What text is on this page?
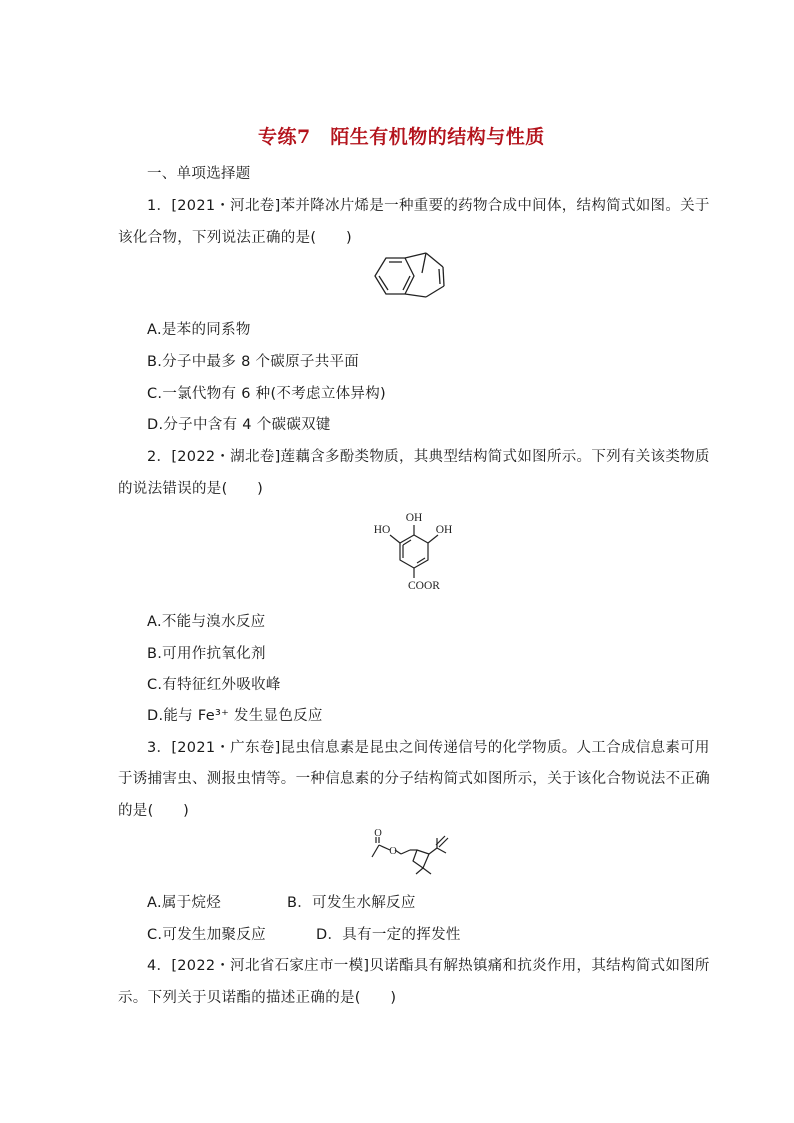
专练7　陌生有机物的结构与性质
一、单项选择题
1．[2021・河北卷]苯并降冰片烯是一种重要的药物合成中间体，结构简式如图。关于
该化合物，下列说法正确的是(　　)
A.是苯的同系物
B.分子中最多 8 个碳原子共平面
C.一氯代物有 6 种(不考虑立体异构)
D.分子中含有 4 个碳碳双键
2．[2022・湖北卷]莲藕含多酚类物质，其典型结构简式如图所示。下列有关该类物质
的说法错误的是(　　)
OH
HO	OH
COOR
A.不能与溴水反应
B.可用作抗氧化剂
C.有特征红外吸收峰
D.能与 Fe³⁺ 发生显色反应
3．[2021・广东卷]昆虫信息素是昆虫之间传递信号的化学物质。人工合成信息素可用
于诱捕害虫、测报虫情等。一种信息素的分子结构简式如图所示，关于该化合物说法不正确
的是(　　)
O
O
A.属于烷烃	B．可发生水解反应
C.可发生加聚反应	D．具有一定的挥发性
4．[2022・河北省石家庄市一模]贝诺酯具有解热镇痛和抗炎作用，其结构简式如图所
示。下列关于贝诺酯的描述正确的是(　　)
